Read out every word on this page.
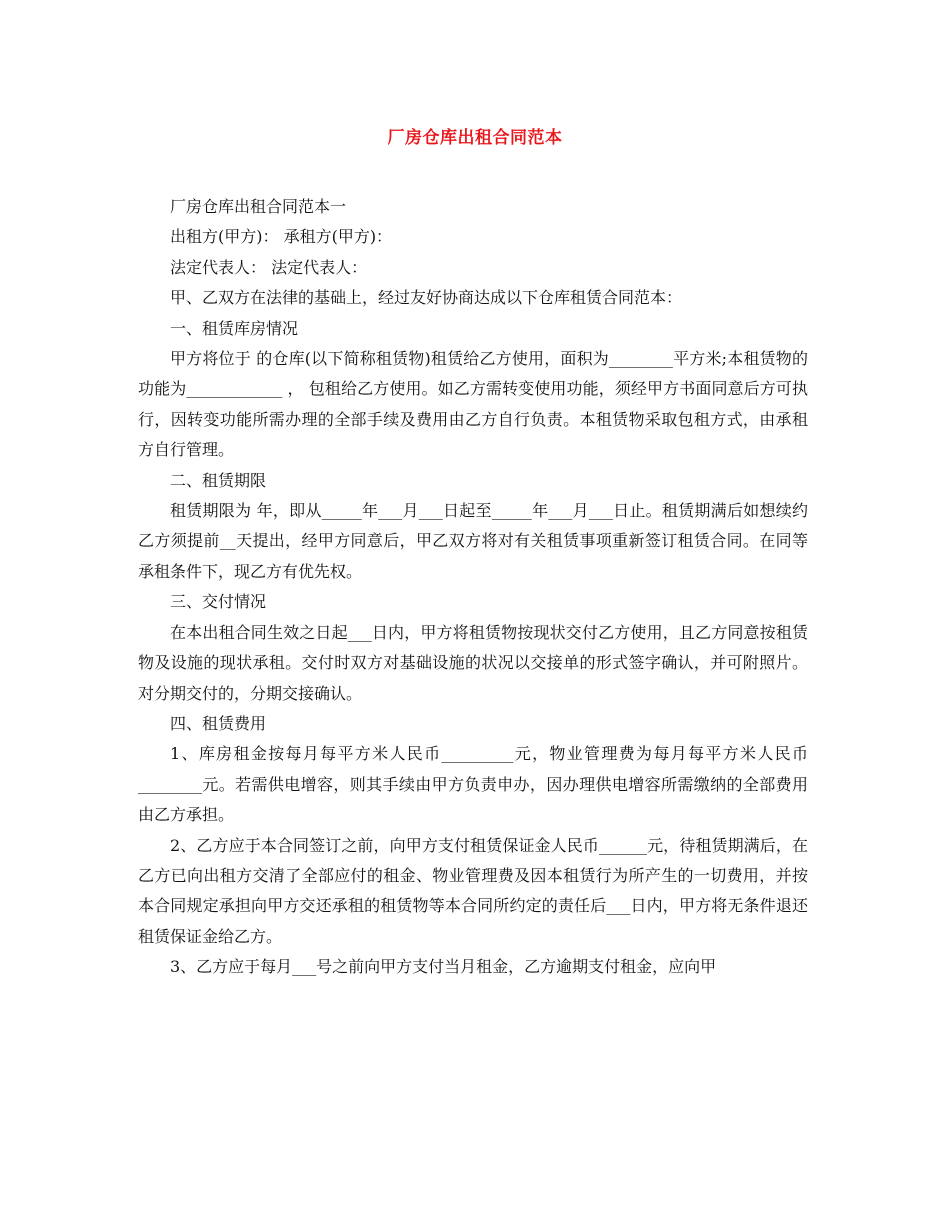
厂房仓库出租合同范本

厂房仓库出租合同范本一

出租方(甲方)： 承租方(甲方)：

法定代表人： 法定代表人：

甲、乙双方在法律的基础上，经过友好协商达成以下仓库租赁合同范本：

一、租赁库房情况

甲方将位于 的仓库(以下简称租赁物)租赁给乙方使用，面积为________平方米;本租赁物的功能为____________ ， 包租给乙方使用。如乙方需转变使用功能，须经甲方书面同意后方可执行，因转变功能所需办理的全部手续及费用由乙方自行负责。本租赁物采取包租方式，由承租方自行管理。

二、租赁期限

租赁期限为 年，即从_____年___月___日起至_____年___月___日止。租赁期满后如想续约乙方须提前__天提出，经甲方同意后，甲乙双方将对有关租赁事项重新签订租赁合同。在同等承租条件下，现乙方有优先权。

三、交付情况

在本出租合同生效之日起___日内，甲方将租赁物按现状交付乙方使用，且乙方同意按租赁物及设施的现状承租。交付时双方对基础设施的状况以交接单的形式签字确认，并可附照片。对分期交付的，分期交接确认。

四、租赁费用

1、库房租金按每月每平方米人民币_________元，物业管理费为每月每平方米人民币________元。若需供电增容，则其手续由甲方负责申办，因办理供电增容所需缴纳的全部费用由乙方承担。

2、乙方应于本合同签订之前，向甲方支付租赁保证金人民币______元，待租赁期满后，在乙方已向出租方交清了全部应付的租金、物业管理费及因本租赁行为所产生的一切费用，并按本合同规定承担向甲方交还承租的租赁物等本合同所约定的责任后___日内，甲方将无条件退还租赁保证金给乙方。

3、乙方应于每月___号之前向甲方支付当月租金，乙方逾期支付租金，应向甲
